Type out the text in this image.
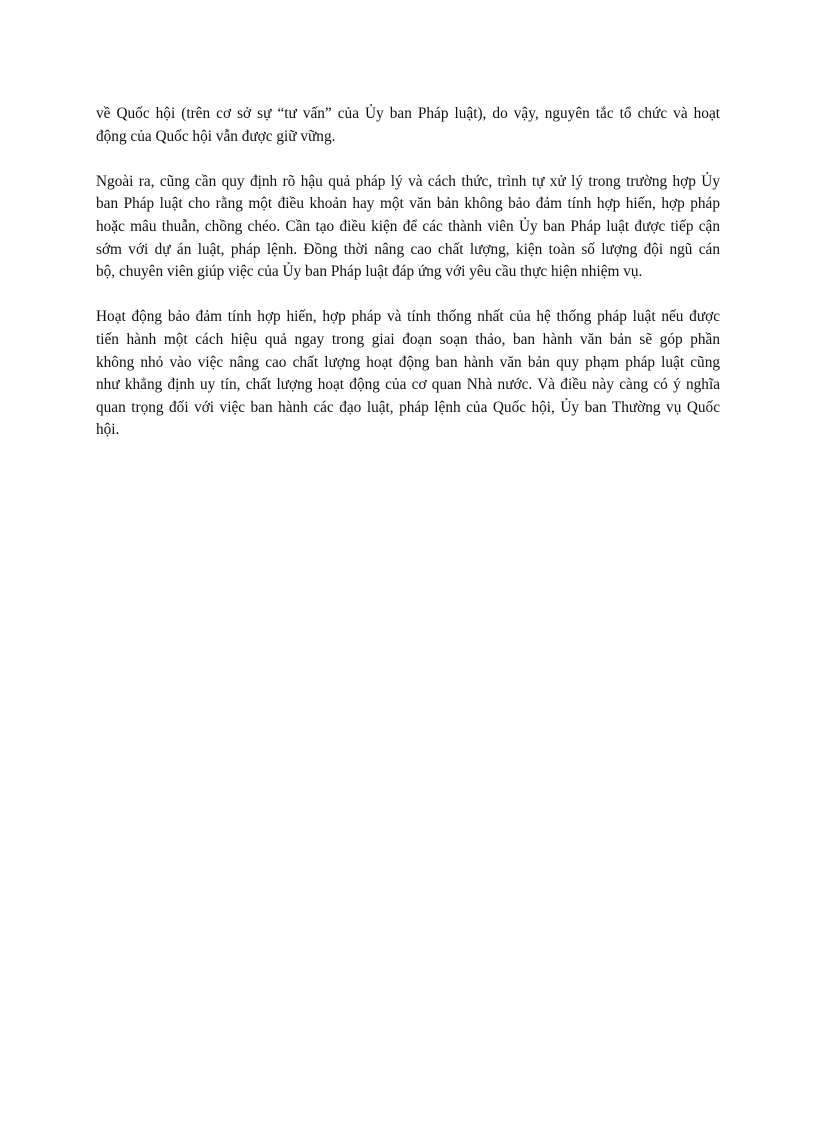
về Quốc hội (trên cơ sở sự “tư vấn” của Ủy ban Pháp luật), do vậy, nguyên tắc tổ chức và hoạt
động của Quốc hội vẫn được giữ vững.

Ngoài ra, cũng cần quy định rõ hậu quả pháp lý và cách thức, trình tự xử lý trong trường hợp Ủy
ban Pháp luật cho rằng một điều khoản hay một văn bản không bảo đảm tính hợp hiến, hợp pháp
hoặc mâu thuẫn, chồng chéo. Cần tạo điều kiện để các thành viên Ủy ban Pháp luật được tiếp cận
sớm với dự án luật, pháp lệnh. Đồng thời nâng cao chất lượng, kiện toàn số lượng đội ngũ cán
bộ, chuyên viên giúp việc của Ủy ban Pháp luật đáp ứng với yêu cầu thực hiện nhiệm vụ.

Hoạt động bảo đảm tính hợp hiến, hợp pháp và tính thống nhất của hệ thống pháp luật nếu được
tiến hành một cách hiệu quả ngay trong giai đoạn soạn thảo, ban hành văn bản sẽ góp phần
không nhỏ vào việc nâng cao chất lượng hoạt động ban hành văn bản quy phạm pháp luật cũng
như khẳng định uy tín, chất lượng hoạt động của cơ quan Nhà nước. Và điều này càng có ý nghĩa
quan trọng đối với việc ban hành các đạo luật, pháp lệnh của Quốc hội, Ủy ban Thường vụ Quốc
hội.
